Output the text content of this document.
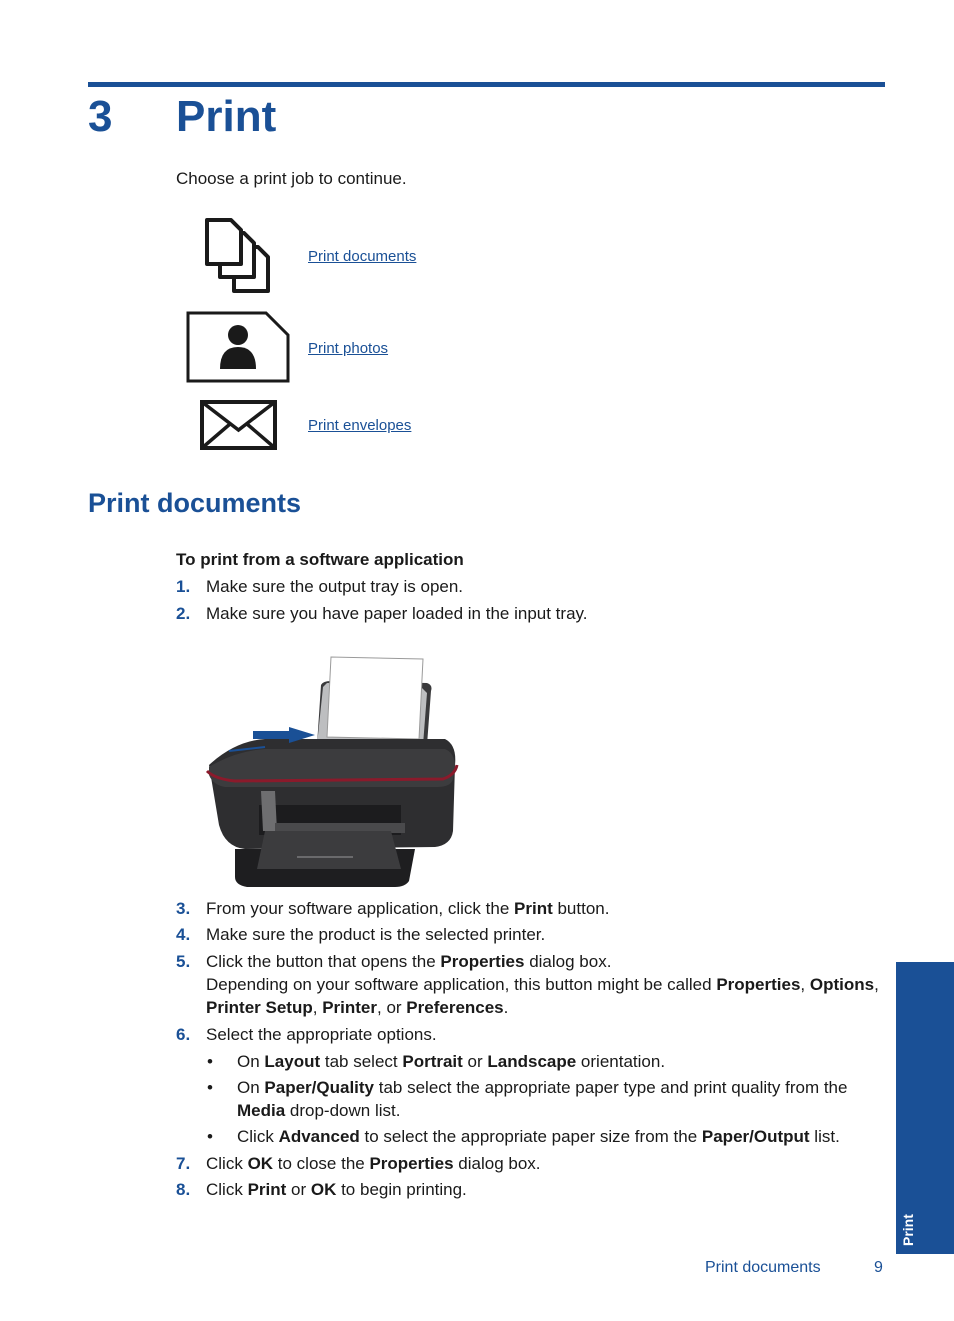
3 Print
Choose a print job to continue.
Print documents
Print photos
Print envelopes
Print documents
To print from a software application
1. Make sure the output tray is open.
2. Make sure you have paper loaded in the input tray.
3. From your software application, click the Print button.
4. Make sure the product is the selected printer.
5. Click the button that opens the Properties dialog box.
Depending on your software application, this button might be called Properties, Options, Printer Setup, Printer, or Preferences.
6. Select the appropriate options.
• On Layout tab select Portrait or Landscape orientation.
• On Paper/Quality tab select the appropriate paper type and print quality from the Media drop-down list.
• Click Advanced to select the appropriate paper size from the Paper/Output list.
7. Click OK to close the Properties dialog box.
8. Click Print or OK to begin printing.
Print
Print documents	9
